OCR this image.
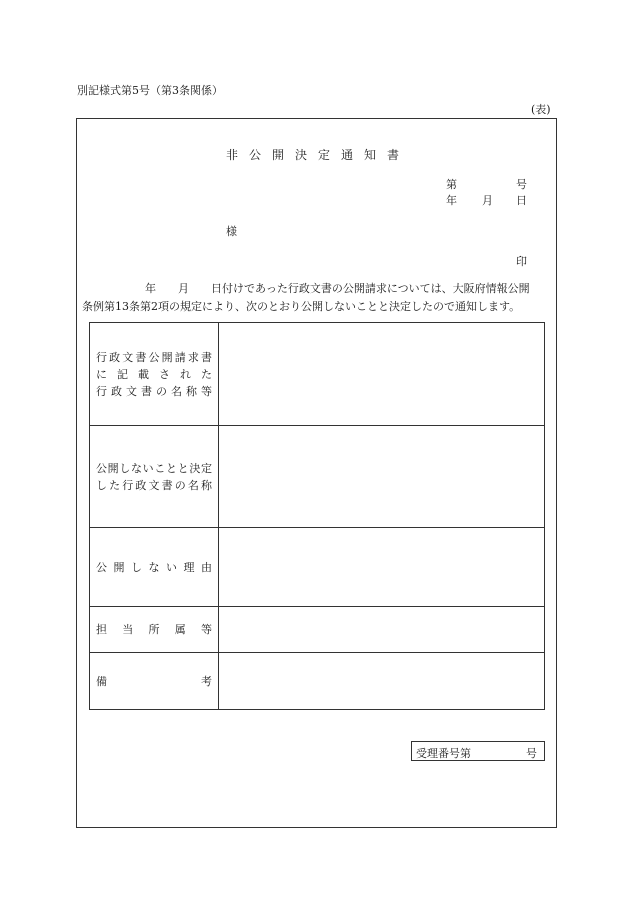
別記様式第5号（第3条関係）
(表)
非公開決定通知書
第	号
年 月 日
様
印
年 月 日付けであった行政文書の公開請求については、大阪府情報公開
条例第13条第2項の規定により、次のとおり公開しないことと決定したので通知します。
行政文書公開請求書
に 記 載 さ れ た
行政文書の名称等	

公開しないことと決定
した行政文書の名称	

公開しない理由	

担当所属等	

備考	

受理番号第	号
